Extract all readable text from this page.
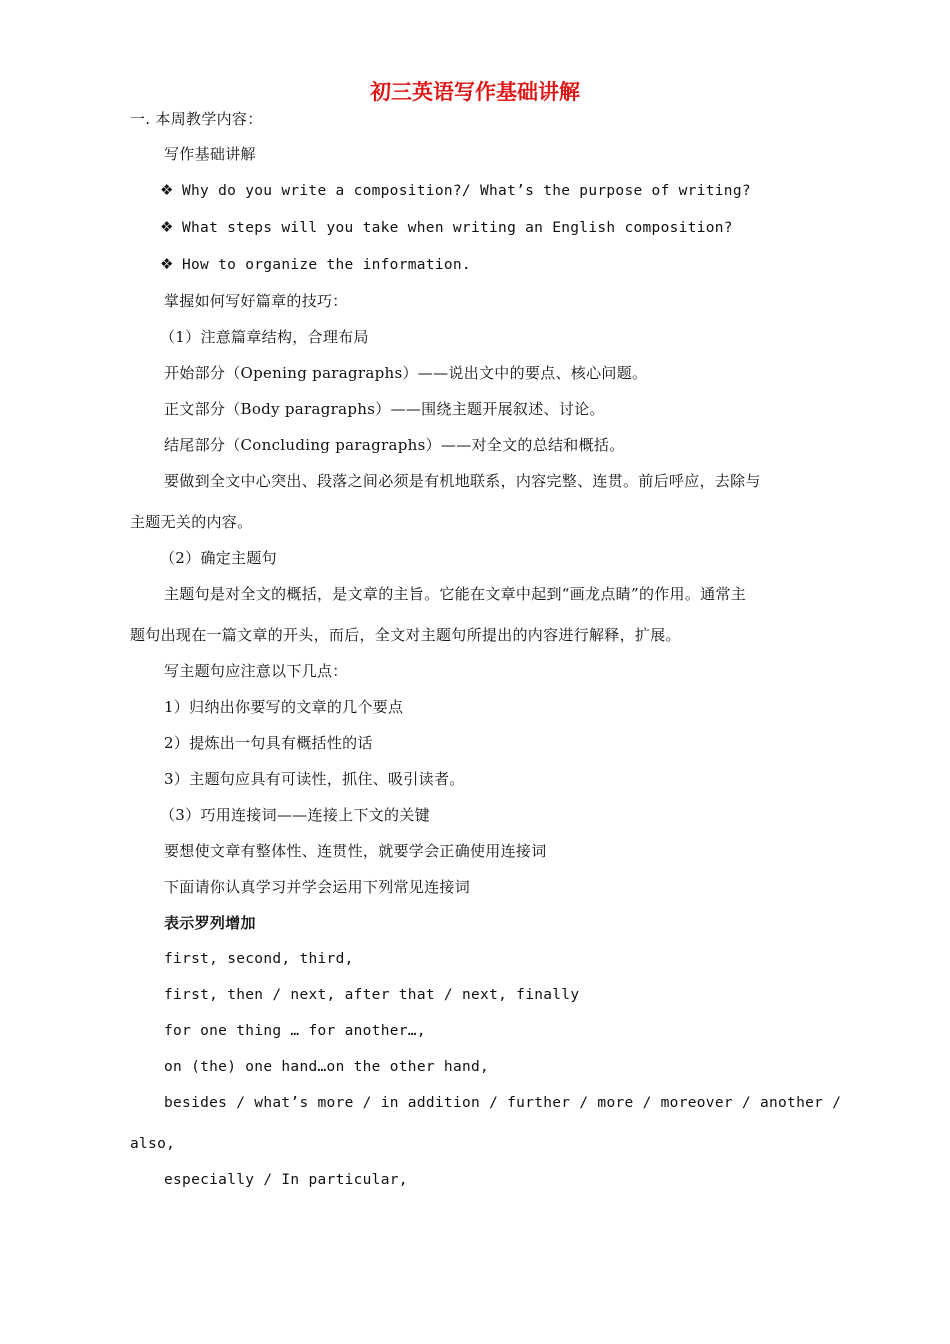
初三英语写作基础讲解
一. 本周教学内容：
写作基础讲解
❖ Why do you write a composition?/ What’s the purpose of writing?
❖ What steps will you take when writing an English composition?
❖ How to organize the information.
掌握如何写好篇章的技巧：
（1）注意篇章结构，合理布局
开始部分（Opening paragraphs）——说出文中的要点、核心问题。
正文部分（Body paragraphs）——围绕主题开展叙述、讨论。
结尾部分（Concluding paragraphs）——对全文的总结和概括。
要做到全文中心突出、段落之间必须是有机地联系，内容完整、连贯。前后呼应，去除与
主题无关的内容。
（2）确定主题句
主题句是对全文的概括，是文章的主旨。它能在文章中起到“画龙点睛”的作用。通常主
题句出现在一篇文章的开头，而后，全文对主题句所提出的内容进行解释，扩展。
写主题句应注意以下几点：
1）归纳出你要写的文章的几个要点
2）提炼出一句具有概括性的话
3）主题句应具有可读性，抓住、吸引读者。
（3）巧用连接词——连接上下文的关键
要想使文章有整体性、连贯性，就要学会正确使用连接词
下面请你认真学习并学会运用下列常见连接词
表示罗列增加
first, second, third,
first, then / next, after that / next, finally
for one thing … for another…,
on (the) one hand…on the other hand,
besides / what’s more / in addition / further / more / moreover / another /
also,
especially / In particular,
